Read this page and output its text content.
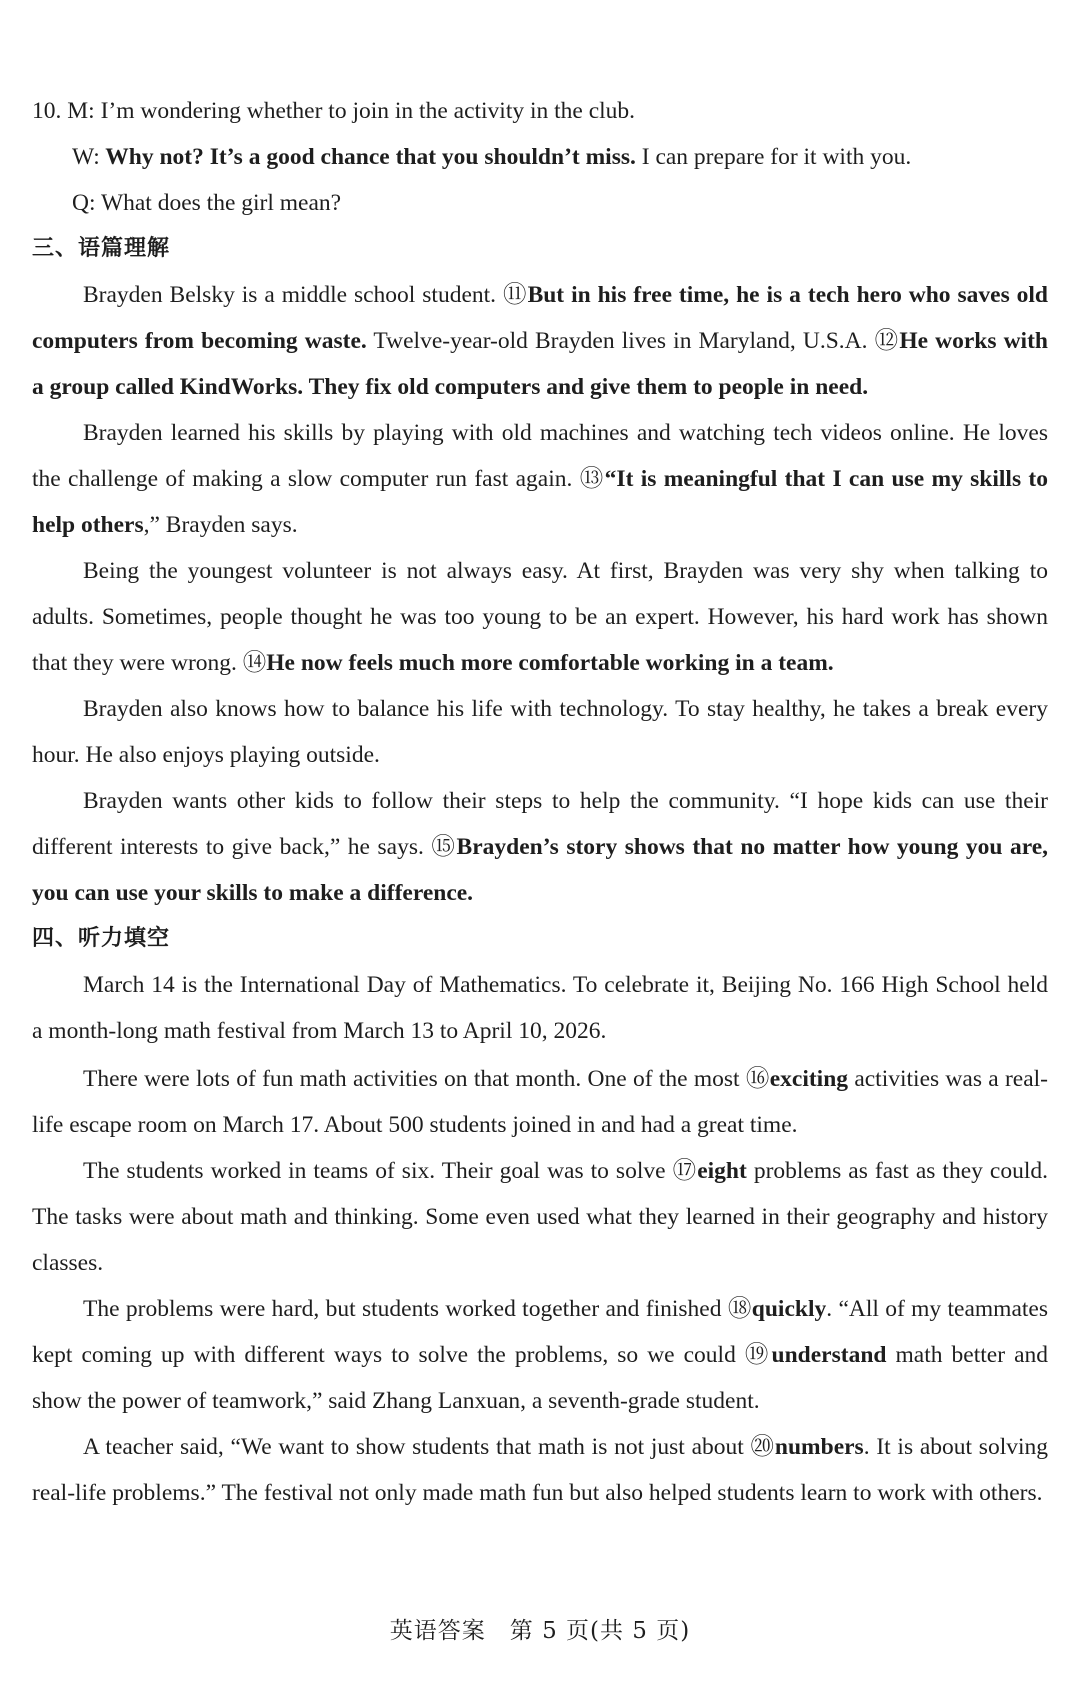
10. M: I’m wondering whether to join in the activity in the club.

W: Why not? It’s a good chance that you shouldn’t miss. I can prepare for it with you.

Q: What does the girl mean?

三、语篇理解

Brayden Belsky is a middle school student. ⑪But in his free time, he is a tech hero who saves old computers from becoming waste. Twelve-year-old Brayden lives in Maryland, U.S.A. ⑫He works with a group called KindWorks. They fix old computers and give them to people in need.

Brayden learned his skills by playing with old machines and watching tech videos online. He loves the challenge of making a slow computer run fast again. ⑬“It is meaningful that I can use my skills to help others,” Brayden says.

Being the youngest volunteer is not always easy. At first, Brayden was very shy when talking to adults. Sometimes, people thought he was too young to be an expert. However, his hard work has shown that they were wrong. ⑭He now feels much more comfortable working in a team.

Brayden also knows how to balance his life with technology. To stay healthy, he takes a break every hour. He also enjoys playing outside.

Brayden wants other kids to follow their steps to help the community. “I hope kids can use their different interests to give back,” he says. ⑮Brayden’s story shows that no matter how young you are, you can use your skills to make a difference.

四、听力填空

March 14 is the International Day of Mathematics. To celebrate it, Beijing No. 166 High School held a month-long math festival from March 13 to April 10, 2026.

There were lots of fun math activities on that month. One of the most ⑯exciting activities was a real-life escape room on March 17. About 500 students joined in and had a great time.

The students worked in teams of six. Their goal was to solve ⑰eight problems as fast as they could. The tasks were about math and thinking. Some even used what they learned in their geography and history classes.

The problems were hard, but students worked together and finished ⑱quickly. “All of my teammates kept coming up with different ways to solve the problems, so we could ⑲understand math better and show the power of teamwork,” said Zhang Lanxuan, a seventh-grade student.

A teacher said, “We want to show students that math is not just about ⑳numbers. It is about solving real-life problems.” The festival not only made math fun but also helped students learn to work with others.

英语答案　第 5 页(共 5 页)
